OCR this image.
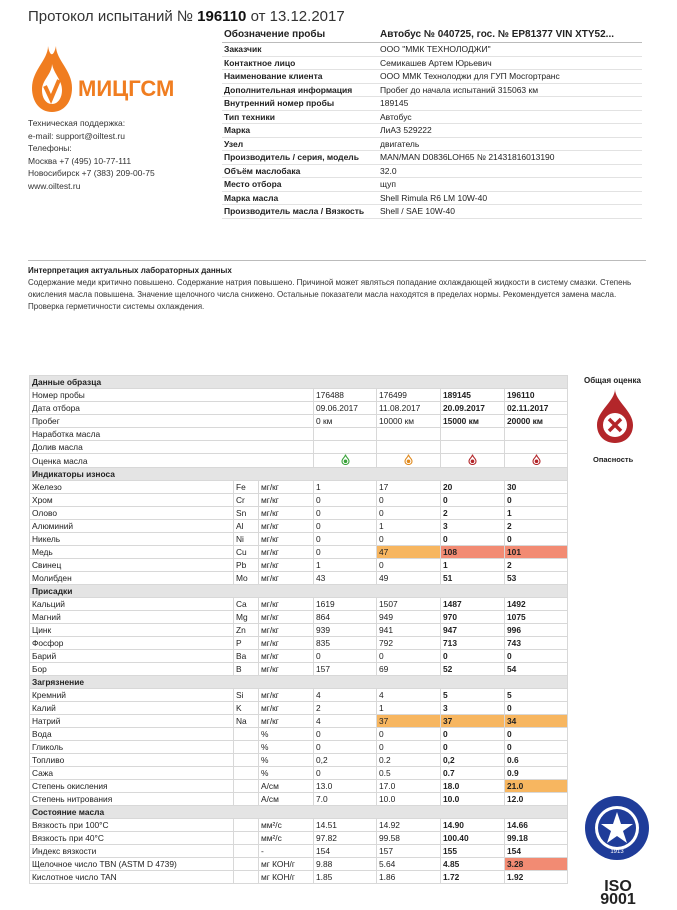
Протокол испытаний № 196110 от 13.12.2017
МИЦГСМ
Техническая поддержка:
e-mail: support@oiltest.ru
Телефоны:
Москва +7 (495) 10-77-111
Новосибирск +7 (383) 209-00-75
www.oiltest.ru
Обозначение пробы	Автобус № 040725, гос. № ЕР81377 VIN XTY52...
Заказчик	ООО "ММК ТЕХНОЛОДЖИ"
Контактное лицо	Семикашев Артем Юрьевич
Наименование клиента	ООО ММК Технолоджи для ГУП Мосгортранс
Дополнительная информация	Пробег до начала испытаний 315063 км
Внутренний номер пробы	189145
Тип техники	Автобус
Марка	ЛиАЗ 529222
Узел	двигатель
Производитель / серия, модель	MAN/MAN D0836LOH65 № 21431816013190
Объём маслобака	32.0
Место отбора	щуп
Марка масла	Shell Rimula R6 LM 10W-40
Производитель масла / Вязкость	Shell / SAE 10W-40
Интерпретация актуальных лабораторных данных
Содержание меди критично повышено. Содержание натрия повышено. Причиной может являться попадание охлаждающей жидкости в систему смазки. Степень окисления масла повышена. Значение щелочного числа снижено. Остальные показатели масла находятся в пределах нормы. Рекомендуется замена масла. Проверка герметичности системы охлаждения.
Данные образца						
Номер пробы			176488	176499	189145	196110
Дата отбора			09.06.2017	11.08.2017	20.09.2017	02.11.2017
Пробег			0 км	10000 км	15000 км	20000 км
Наработка масла						
Долив масла						
Оценка масла				
Индикаторы износа						
Железо	Fe	мг/кг	1	17	20	30
Хром	Cr	мг/кг	0	0	0	0
Олово	Sn	мг/кг	0	0	2	1
Алюминий	Al	мг/кг	0	1	3	2
Никель	Ni	мг/кг	0	0	0	0
Медь	Cu	мг/кг	0	47	108	101
Свинец	Pb	мг/кг	1	0	1	2
Молибден	Mo	мг/кг	43	49	51	53
Присадки						
Кальций	Ca	мг/кг	1619	1507	1487	1492
Магний	Mg	мг/кг	864	949	970	1075
Цинк	Zn	мг/кг	939	941	947	996
Фосфор	P	мг/кг	835	792	713	743
Барий	Ba	мг/кг	0	0	0	0
Бор	B	мг/кг	157	69	52	54
Загрязнение						
Кремний	Si	мг/кг	4	4	5	5
Калий	K	мг/кг	2	1	3	0
Натрий	Na	мг/кг	4	37	37	34
Вода		%	0	0	0	0
Гликоль		%	0	0	0	0
Топливо		%	0,2	0.2	0,2	0.6
Сажа		%	0	0.5	0.7	0.9
Степень окисления		А/см	13.0	17.0	18.0	21.0
Степень нитрования		А/см	7.0	10.0	10.0	12.0
Состояние масла						
Вязкость при 100°С		мм²/с	14.51	14.92	14.90	14.66
Вязкость при 40°С		мм²/с	97.82	99.58	100.40	99.18
Индекс вязкости		-	154	157	155	154
Щелочное число TBN (ASTM D 4739)		мг КОН/г	9.88	5.64	4.85	3.28
Кислотное число TAN		мг КОН/г	1.85	1.86	1.72	1.92
Общая оценка
Опасность
1913
ISO
9001
